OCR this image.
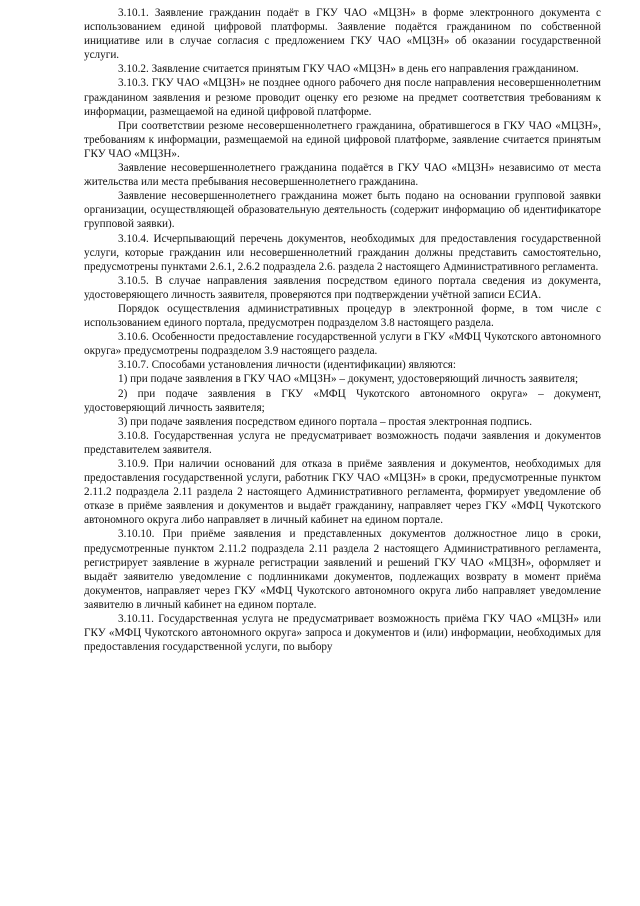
3.10.1. Заявление гражданин подаёт в ГКУ ЧАО «МЦЗН» в форме электронного документа с использованием единой цифровой платформы. Заявление подаётся гражданином по собственной инициативе или в случае согласия с предложением ГКУ ЧАО «МЦЗН» об оказании государственной услуги.

3.10.2. Заявление считается принятым ГКУ ЧАО «МЦЗН» в день его направления гражданином.

3.10.3. ГКУ ЧАО «МЦЗН» не позднее одного рабочего дня после направления несовершеннолетним гражданином заявления и резюме проводит оценку его резюме на предмет соответствия требованиям к информации, размещаемой на единой цифровой платформе.

При соответствии резюме несовершеннолетнего гражданина, обратившегося в ГКУ ЧАО «МЦЗН», требованиям к информации, размещаемой на единой цифровой платформе, заявление считается принятым ГКУ ЧАО «МЦЗН».

Заявление несовершеннолетнего гражданина подаётся в ГКУ ЧАО «МЦЗН» независимо от места жительства или места пребывания несовершеннолетнего гражданина.

Заявление несовершеннолетнего гражданина может быть подано на основании групповой заявки организации, осуществляющей образовательную деятельность (содержит информацию об идентификаторе групповой заявки).

3.10.4. Исчерпывающий перечень документов, необходимых для предоставления государственной услуги, которые гражданин или несовершеннолетний гражданин должны представить самостоятельно, предусмотрены пунктами 2.6.1, 2.6.2 подраздела 2.6. раздела 2 настоящего Административного регламента.

3.10.5. В случае направления заявления посредством единого портала сведения из документа, удостоверяющего личность заявителя, проверяются при подтверждении учётной записи ЕСИА.

Порядок осуществления административных процедур в электронной форме, в том числе с использованием единого портала, предусмотрен подразделом 3.8 настоящего раздела.

3.10.6. Особенности предоставление государственной услуги в ГКУ «МФЦ Чукотского автономного округа» предусмотрены подразделом 3.9 настоящего раздела.

3.10.7. Способами установления личности (идентификации) являются:

1) при подаче заявления в ГКУ ЧАО «МЦЗН» – документ, удостоверяющий личность заявителя;

2) при подаче заявления в ГКУ «МФЦ Чукотского автономного округа» – документ, удостоверяющий личность заявителя;

3) при подаче заявления посредством единого портала – простая электронная подпись.

3.10.8. Государственная услуга не предусматривает возможность подачи заявления и документов представителем заявителя.

3.10.9. При наличии оснований для отказа в приёме заявления и документов, необходимых для предоставления государственной услуги, работник ГКУ ЧАО «МЦЗН» в сроки, предусмотренные пунктом 2.11.2 подраздела 2.11 раздела 2 настоящего Административного регламента, формирует уведомление об отказе в приёме заявления и документов и выдаёт гражданину, направляет через ГКУ «МФЦ Чукотского автономного округа либо направляет в личный кабинет на едином портале.

3.10.10. При приёме заявления и представленных документов должностное лицо в сроки, предусмотренные пунктом 2.11.2 подраздела 2.11 раздела 2 настоящего Административного регламента, регистрирует заявление в журнале регистрации заявлений и решений ГКУ ЧАО «МЦЗН», оформляет и выдаёт заявителю уведомление с подлинниками документов, подлежащих возврату в момент приёма документов, направляет через ГКУ «МФЦ Чукотского автономного округа либо направляет уведомление заявителю в личный кабинет на едином портале.

3.10.11. Государственная услуга не предусматривает возможность приёма ГКУ ЧАО «МЦЗН» или ГКУ «МФЦ Чукотского автономного округа» запроса и документов и (или) информации, необходимых для предоставления государственной услуги, по выбору
